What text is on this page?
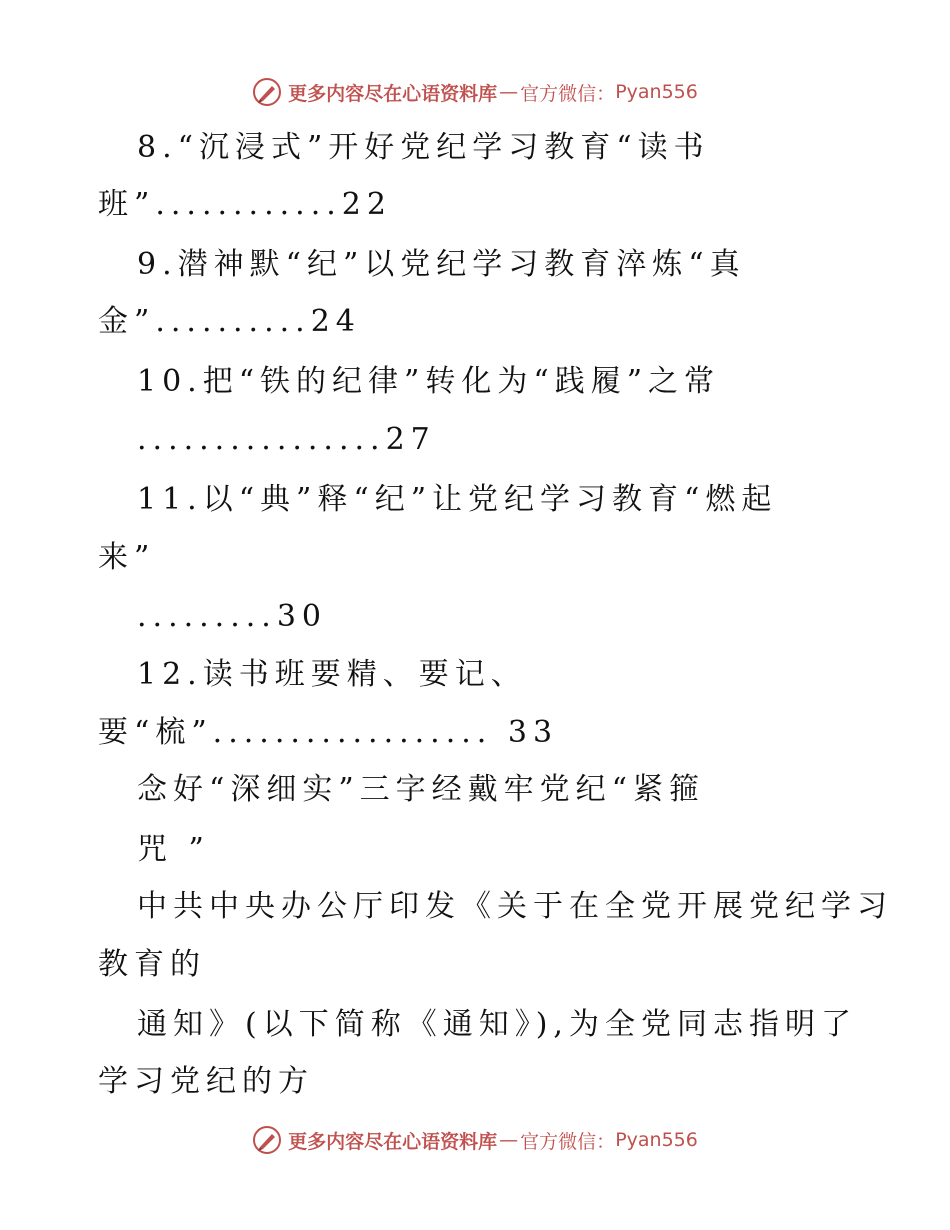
更多内容尽在心语资料库 — 官方微信： Pyan556
8.“沉浸式”开好党纪学习教育“读书
班”............22
9.潜神默“纪”以党纪学习教育淬炼“真
金”..........24
10.把“铁的纪律”转化为“践履”之常
................27
11.以“典”释“纪”让党纪学习教育“燃起
来”
.........30
12.读书班要精、要记、
要“梳”.................. 33
念好“深细实”三字经戴牢党纪“紧箍
咒 ”
中共中央办公厅印发《关于在全党开展党纪学习
教育的
通知》(以下简称《通知》),为全党同志指明了
学习党纪的方
更多内容尽在心语资料库 — 官方微信： Pyan556
